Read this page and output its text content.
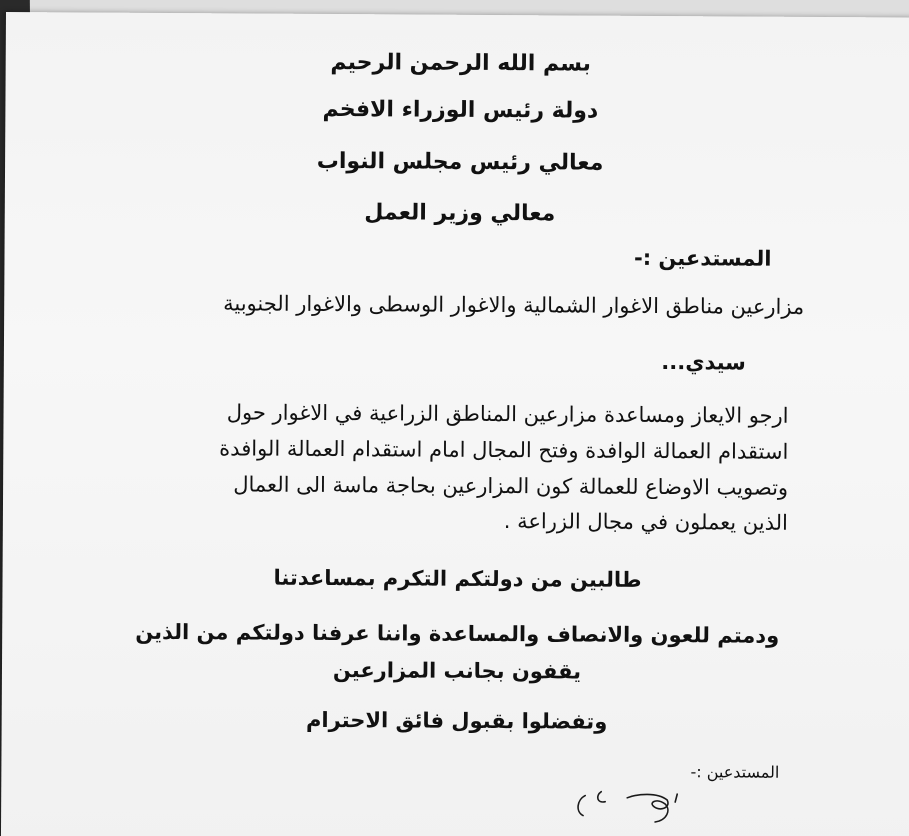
بسم الله الرحمن الرحيم

دولة رئيس الوزراء الافخم

معالي رئيس مجلس النواب

معالي وزير العمل

المستدعين :-

مزارعين مناطق الاغوار الشمالية والاغوار الوسطى والاغوار الجنوبية

سيدي...

ارجو الايعاز ومساعدة مزارعين المناطق الزراعية في الاغوار حول

استقدام العمالة الوافدة وفتح المجال امام استقدام العمالة الوافدة

وتصويب الاوضاع للعمالة كون المزارعين بحاجة ماسة الى العمال

الذين يعملون في مجال الزراعة .

طالبين من دولتكم التكرم بمساعدتنا

ودمتم للعون والانصاف والمساعدة واننا عرفنا دولتكم من الذين

يقفون بجانب المزارعين

وتفضلوا بقبول فائق الاحترام

المستدعين :-
